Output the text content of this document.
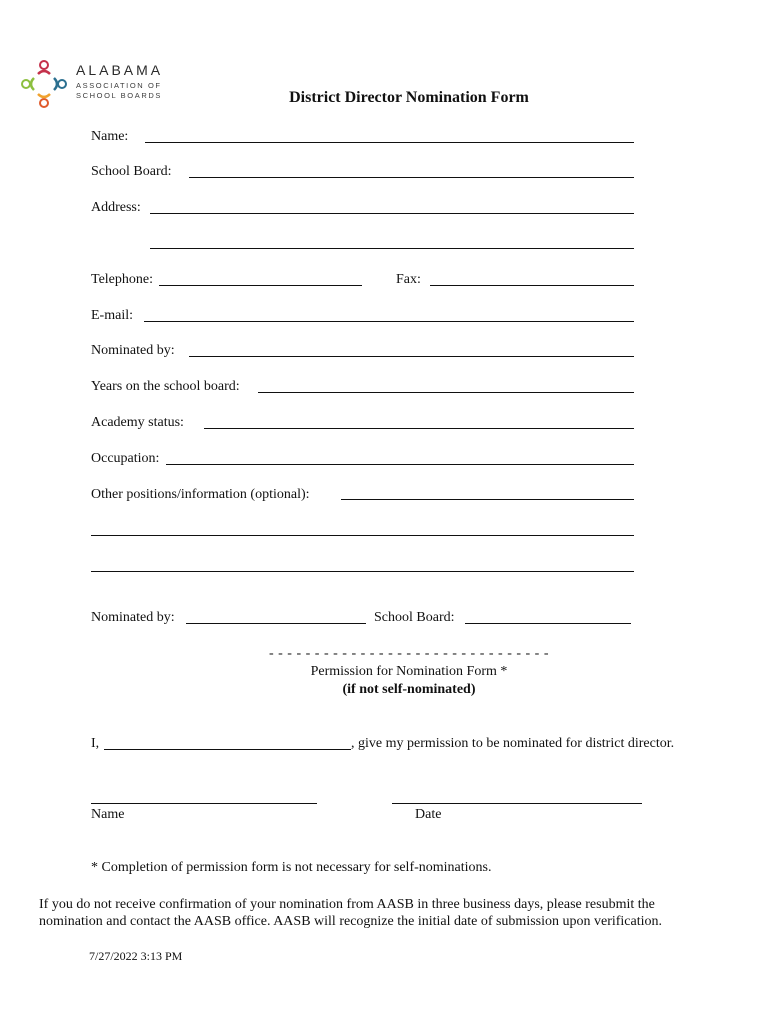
ALABAMA
ASSOCIATION OF
SCHOOL BOARDS	District Director Nomination Form
Name:
School Board:
Address:
Telephone:	Fax:
E-mail:
Nominated by:
Years on the school board:
Academy status:
Occupation:
Other positions/information (optional):
Nominated by:	School Board:
- - - - - - - - - - - - - - - - - - - - - - - - - - - - - - -
Permission for Nomination Form *
(if not self-nominated)
I,	, give my permission to be nominated for district director.
Name	Date
* Completion of permission form is not necessary for self-nominations.
If you do not receive confirmation of your nomination from AASB in three business days, please resubmit the
nomination and contact the AASB office. AASB will recognize the initial date of submission upon verification.
7/27/2022 3:13 PM
